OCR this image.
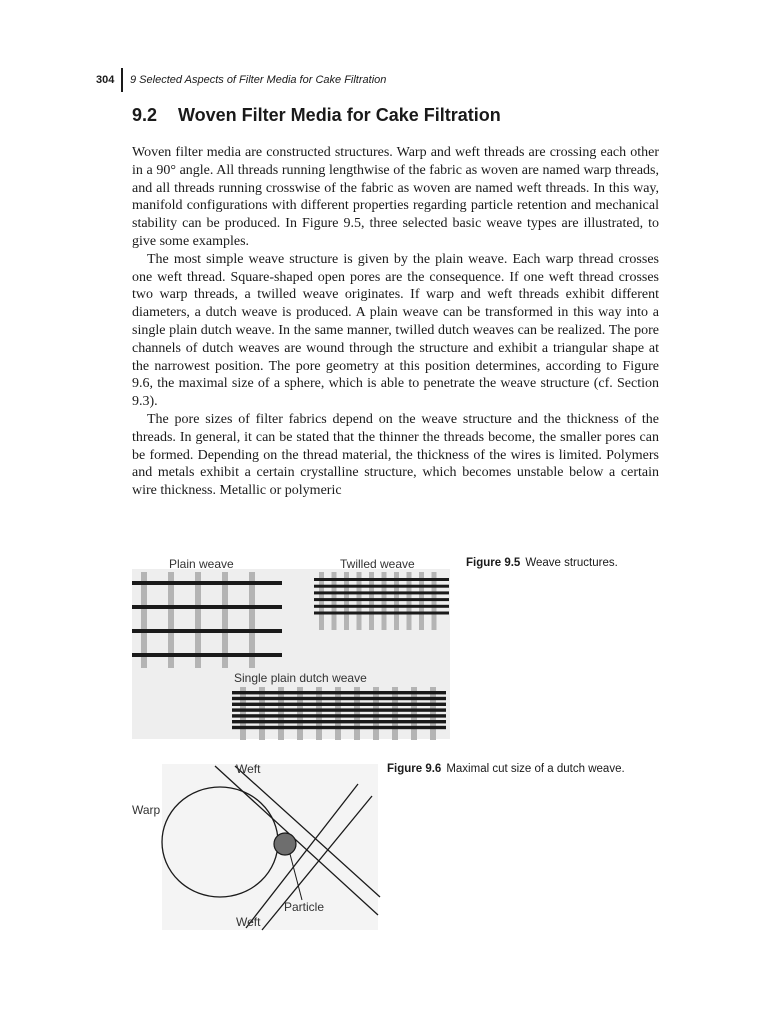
304 9 Selected Aspects of Filter Media for Cake Filtration
9.2 Woven Filter Media for Cake Filtration

Woven filter media are constructed structures. Warp and weft threads are crossing each other in a 90° angle. All threads running lengthwise of the fabric as woven are named warp threads, and all threads running crosswise of the fabric as woven are named weft threads. In this way, manifold configurations with different properties regarding particle retention and mechanical stability can be produced. In Figure 9.5, three selected basic weave types are illustrated, to give some examples.

The most simple weave structure is given by the plain weave. Each warp thread crosses one weft thread. Square-shaped open pores are the consequence. If one weft thread crosses two warp threads, a twilled weave originates. If warp and weft threads exhibit different diameters, a dutch weave is produced. A plain weave can be transformed in this way into a single plain dutch weave. In the same manner, twilled dutch weaves can be realized. The pore channels of dutch weaves are wound through the structure and exhibit a triangular shape at the narrowest position. The pore geometry at this position determines, according to Figure 9.6, the maximal size of a sphere, which is able to penetrate the weave structure (cf. Section 9.3).

The pore sizes of filter fabrics depend on the weave structure and the thickness of the threads. In general, it can be stated that the thinner the threads become, the smaller pores can be formed. Depending on the thread material, the thickness of the wires is limited. Polymers and metals exhibit a certain crystalline structure, which becomes unstable below a certain wire thickness. Metallic or polymeric

Plain weave	Twilled weave
Single plain dutch weave
Figure 9.5 Weave structures.
Weft
Warp
Particle
Weft
Figure 9.6 Maximal cut size of a dutch weave.
